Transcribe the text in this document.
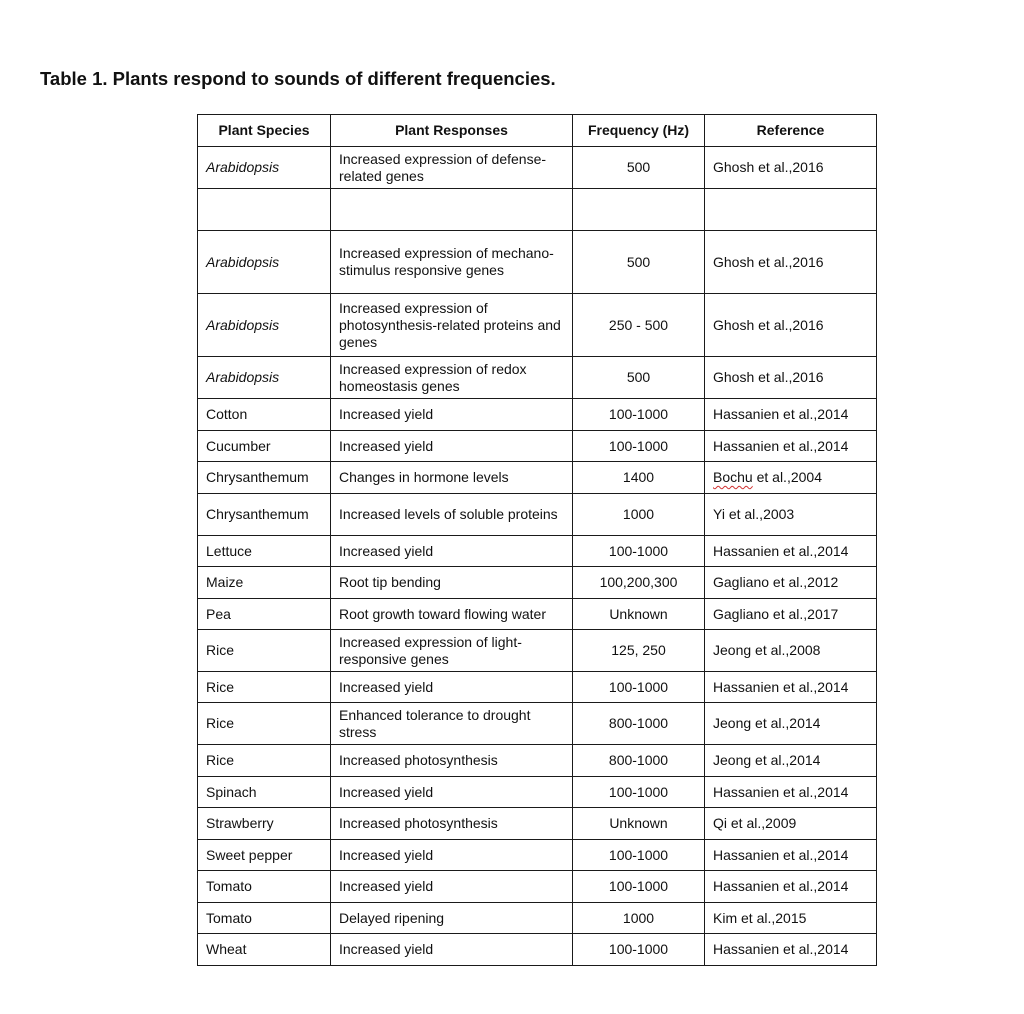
Table 1. Plants respond to sounds of different frequencies.
Plant Species	Plant Responses	Frequency (Hz)	Reference
Arabidopsis	Increased expression of defense-related genes	500	Ghosh et al.,2016

Arabidopsis	Increased expression of mechano-stimulus responsive genes	500	Ghosh et al.,2016
Arabidopsis	Increased expression of photosynthesis-related proteins and genes	250 - 500	Ghosh et al.,2016
Arabidopsis	Increased expression of redox homeostasis genes	500	Ghosh et al.,2016
Cotton	Increased yield	100-1000	Hassanien et al.,2014
Cucumber	Increased yield	100-1000	Hassanien et al.,2014
Chrysanthemum	Changes in hormone levels	1400	Bochu et al.,2004
Chrysanthemum	Increased levels of soluble proteins	1000	Yi et al.,2003
Lettuce	Increased yield	100-1000	Hassanien et al.,2014
Maize	Root tip bending	100,200,300	Gagliano et al.,2012
Pea	Root growth toward flowing water	Unknown	Gagliano et al.,2017
Rice	Increased expression of light-responsive genes	125, 250	Jeong et al.,2008
Rice	Increased yield	100-1000	Hassanien et al.,2014
Rice	Enhanced tolerance to drought stress	800-1000	Jeong et al.,2014
Rice	Increased photosynthesis	800-1000	Jeong et al.,2014
Spinach	Increased yield	100-1000	Hassanien et al.,2014
Strawberry	Increased photosynthesis	Unknown	Qi et al.,2009
Sweet pepper	Increased yield	100-1000	Hassanien et al.,2014
Tomato	Increased yield	100-1000	Hassanien et al.,2014
Tomato	Delayed ripening	1000	Kim et al.,2015
Wheat	Increased yield	100-1000	Hassanien et al.,2014
